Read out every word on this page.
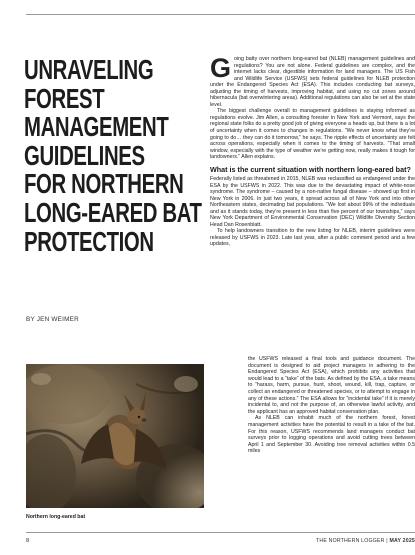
UNRAVELING
FOREST
MANAGEMENT
GUIDELINES
FOR NORTHERN
LONG-EARED BAT
PROTECTION
BY JEN WEIMER
Northern long-eared bat

Going batty over northern long-eared bat (NLEB) management guidelines and regulations? You are not alone. Federal guidelines are complex, and the internet lacks clear, digestible information for land managers. The US Fish and Wildlife Service (USFWS) sets federal guidelines for NLEB protection under the Endangered Species Act (ESA). This includes conducting bat surveys, adjusting the timing of harvests, improving habitat, and using no cut zones around hibernacula (bat overwintering areas). Additional regulations can also be set at the state level.

The biggest challenge overall to management guidelines is staying informed as regulations evolve. Jim Allen, a consulting forester in New York and Vermont, says the regional state folks do a pretty good job of giving everyone a heads up, but there is a lot of uncertainty when it comes to changes in regulations. “We never know what they’re going to do… they can do it tomorrow,” he says. The ripple effects of uncertainty are felt across operations, especially when it comes to the timing of harvests. “That small window, especially with the type of weather we’re getting now, really makes it tough for landowners.” Allen explains.

What is the current situation with northern long-eared bat?

Federally listed as threatened in 2015, NLEB was reclassified as endangered under the ESA by the USFWS in 2022. This was due to the devastating impact of white-nose syndrome. The syndrome – caused by a non-native fungal disease – showed up first in New York in 2006. In just two years, it spread across all of New York and into other Northeastern states, decimating bat populations. “We lost about 99% of the individuals and as it stands today, they’re present in less than five percent of our townships,” says New York Department of Environmental Conservation (DEC) Wildlife Diversity Section Head Dan Rosenblatt.

To help landowners transition to the new listing for NLEB, interim guidelines were released by USFWS in 2023. Late last year, after a public comment period and a few updates,

the USFWS released a final tools and guidance document. The document is designed to aid project managers in adhering to the Endangered Species Act (ESA), which prohibits any activities that would lead to a “take” of the bats. As defined by the ESA, a take means to “harass, harm, pursue, hunt, shoot, wound, kill, trap, capture, or collect an endangered or threatened species, or to attempt to engage in any of these actions.” The ESA allows for “incidental take” if it is merely incidental to, and not the purpose of, an otherwise lawful activity, and the applicant has an approved habitat conservation plan.

As NLEB can inhabit much of the northern forest, forest management activities have the potential to result in a take of the bat. For this reason, USFWS recommends land managers conduct bat surveys prior to logging operations and avoid cutting trees between April 1 and September 30. Avoiding tree removal activities within 0.5 miles

8	THE NORTHERN LOGGER | MAY 2025
